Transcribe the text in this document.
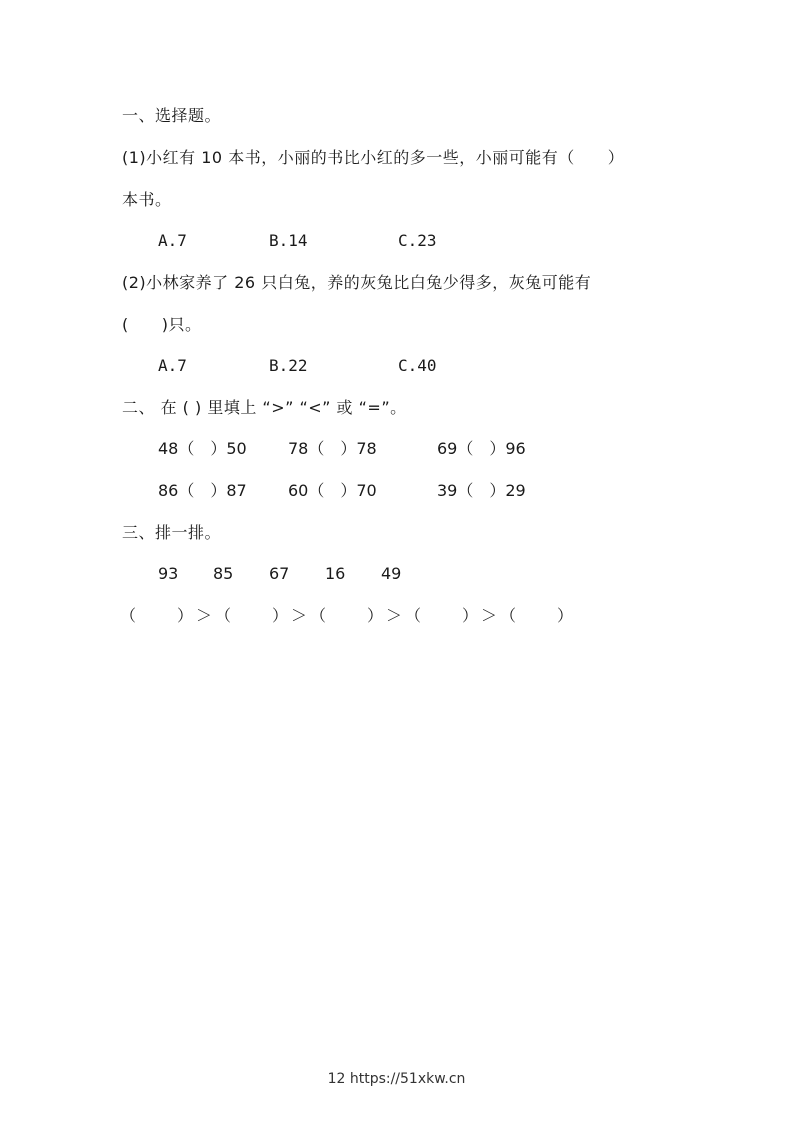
一、选择题。
(1)小红有 10 本书，小丽的书比小红的多一些，小丽可能有（　　）
本书。
A.7	B.14	C.23
(2)小林家养了 26 只白兔，养的灰兔比白兔少得多，灰兔可能有
(　　)只。
A.7	B.22	C.40
二、 在 ( ) 里填上 “>” “<” 或 “=”。
48（　）50	78（　）78	69（　）96
86（　）87	60（　）70	39（　）29
三、排一排。
93 85 67 16 49
（　　）＞（　　）＞（　　）＞（　　）＞（　　）
12 https://51xkw.cn
